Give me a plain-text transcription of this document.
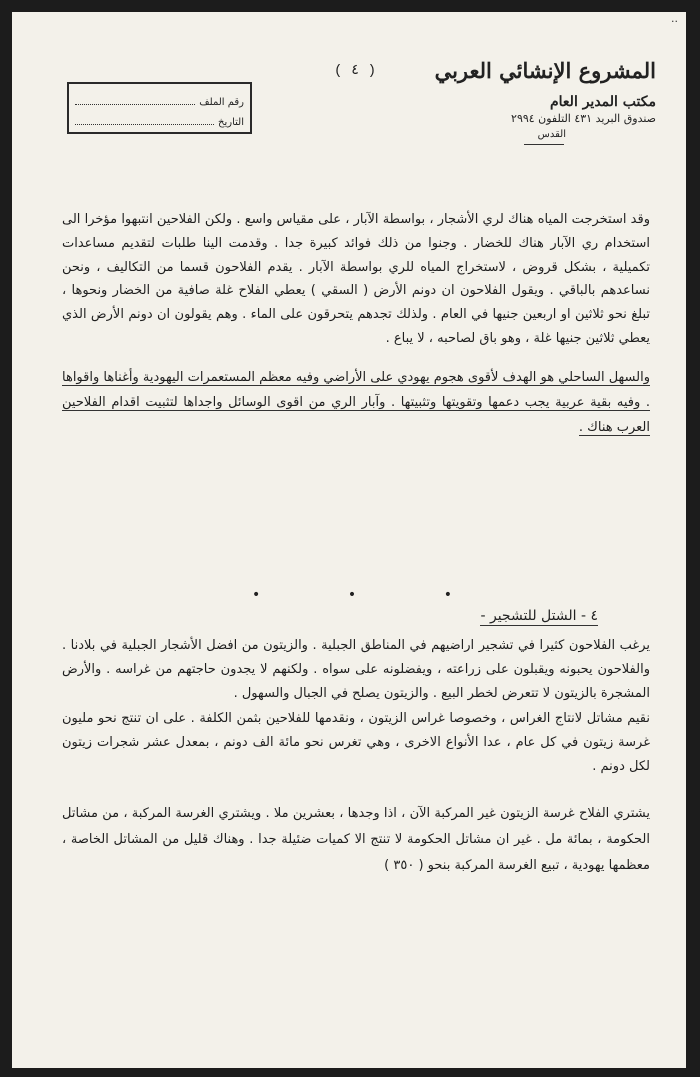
..
المشروع الإنشائي العربي
مكتب المدير العام
صندوق البريد ٤٣١ التلفون ٢٩٩٤
القدس
( ٤ )
رقم الملف
التاريخ

وقد استخرجت المياه هناك لري الأشجار ، بواسطة الآبار ، على مقياس واسع . ولكن الفلاحين انتبهوا مؤخرا الى استخدام ري الآبار هناك للخضار . وجنوا من ذلك فوائد كبيرة جدا . وقدمت الينا طلبات لتقديم مساعدات تكميلية ، بشكل قروض ، لاستخراج المياه للري بواسطة الآبار . يقدم الفلاحون قسما من التكاليف ، ونحن نساعدهم بالباقي . ويقول الفلاحون ان دونم الأرض ( السقي ) يعطي الفلاح غلة صافية من الخضار ونحوها ، تبلغ نحو ثلاثين او اربعين جنيها في العام . ولذلك تجدهم يتحرقون على الماء . وهم يقولون ان دونم الأرض الذي يعطي ثلاثين جنيها غلة ، وهو باق لصاحبه ، لا يباع .

والسهل الساحلي هو الهدف لأقوى هجوم يهودي على الأراضي وفيه معظم المستعمرات اليهودية وأغناها واقواها . وفيه بقية عربية يجب دعمها وتقويتها وتثبيتها . وآبار الري من اقوى الوسائل واجداها لتثبيت اقدام الفلاحين العرب هناك .

•	•	•
٤ - الشتل للتشجير -

يرغب الفلاحون كثيرا في تشجير اراضيهم في المناطق الجبلية . والزيتون من افضل الأشجار الجبلية في بلادنا . والفلاحون يحبونه ويقبلون على زراعته ، ويفضلونه على سواه . ولكنهم لا يجدون حاجتهم من غراسه . والأرض المشجرة بالزيتون لا تتعرض لخطر البيع . والزيتون يصلح في الجبال والسهول .

نقيم مشاتل لانتاج الغراس ، وخصوصا غراس الزيتون ، ونقدمها للفلاحين بثمن الكلفة . على ان تنتج نحو مليون غرسة زيتون في كل عام ، عدا الأنواع الاخرى ، وهي تغرس نحو مائة الف دونم ، بمعدل عشر شجرات زيتون لكل دونم .

يشتري الفلاح غرسة الزيتون غير المركبة الآن ، اذا وجدها ، بعشرين ملا . ويشتري الغرسة المركبة ، من مشاتل الحكومة ، بمائة مل . غير ان مشاتل الحكومة لا تنتج الا كميات ضئيلة جدا . وهناك قليل من المشاتل الخاصة ، معظمها يهودية ، تبيع الغرسة المركبة بنحو ( ٣٥٠ )
